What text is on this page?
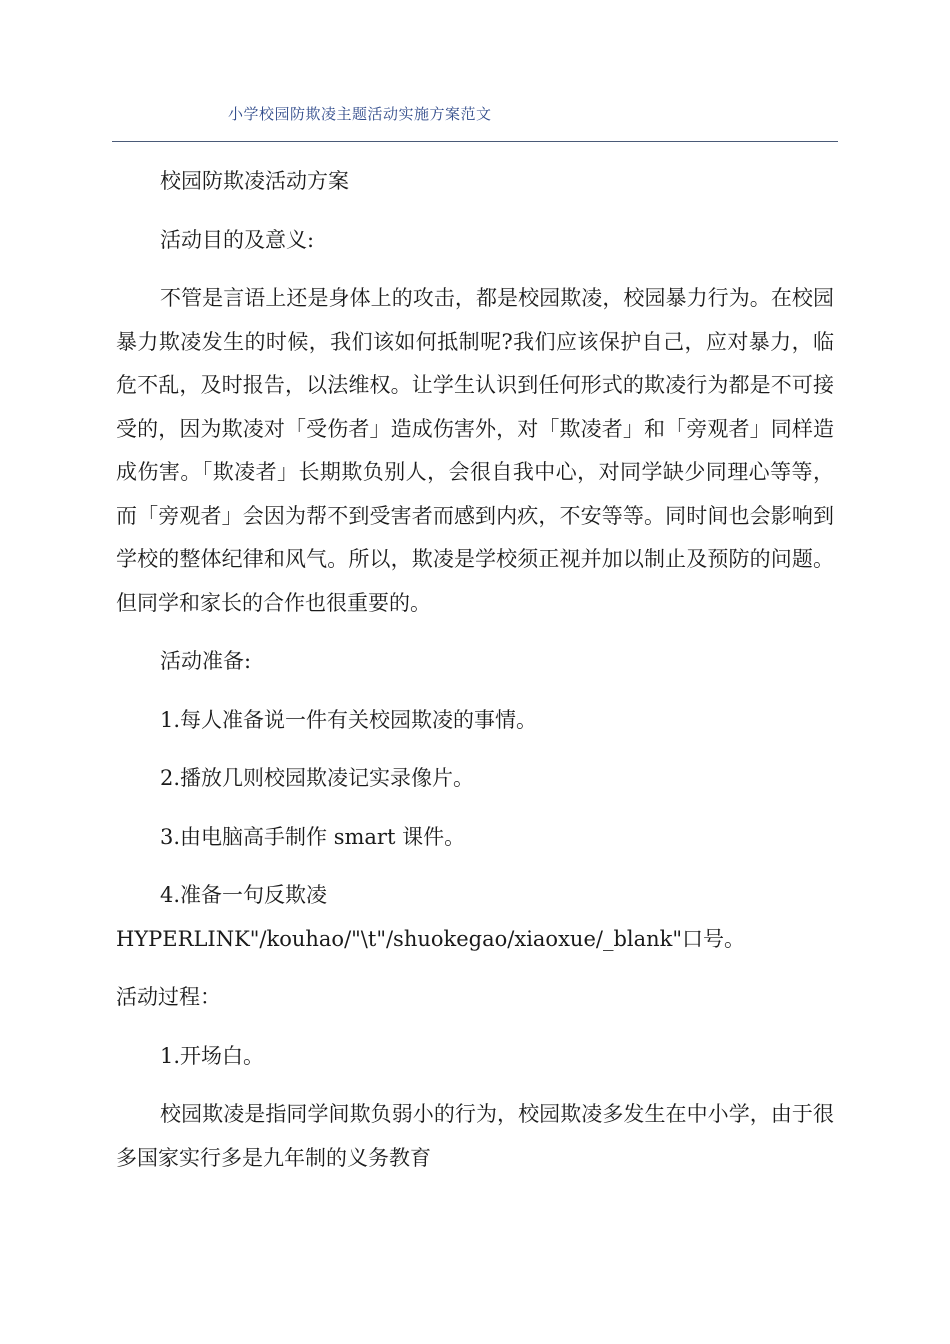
小学校园防欺凌主题活动实施方案范文

校园防欺凌活动方案

活动目的及意义:

不管是言语上还是身体上的攻击，都是校园欺凌，校园暴力行为。在校园暴力欺凌发生的时候，我们该如何抵制呢?我们应该保护自己，应对暴力，临危不乱，及时报告，以法维权。让学生认识到任何形式的欺凌行为都是不可接受的，因为欺凌对「受伤者」造成伤害外，对「欺凌者」和「旁观者」同样造成伤害。「欺凌者」长期欺负别人，会很自我中心，对同学缺少同理心等等，而「旁观者」会因为帮不到受害者而感到内疚，不安等等。同时间也会影响到学校的整体纪律和风气。所以，欺凌是学校须正视并加以制止及预防的问题。但同学和家长的合作也很重要的。

活动准备:

1.每人准备说一件有关校园欺凌的事情。

2.播放几则校园欺凌记实录像片。

3.由电脑高手制作 smart 课件。

4.准备一句反欺凌
HYPERLINK"/kouhao/"\t"/shuokegao/xiaoxue/_blank"口号。

活动过程：

1.开场白。

校园欺凌是指同学间欺负弱小的行为，校园欺凌多发生在中小学，由于很多国家实行多是九年制的义务教育
